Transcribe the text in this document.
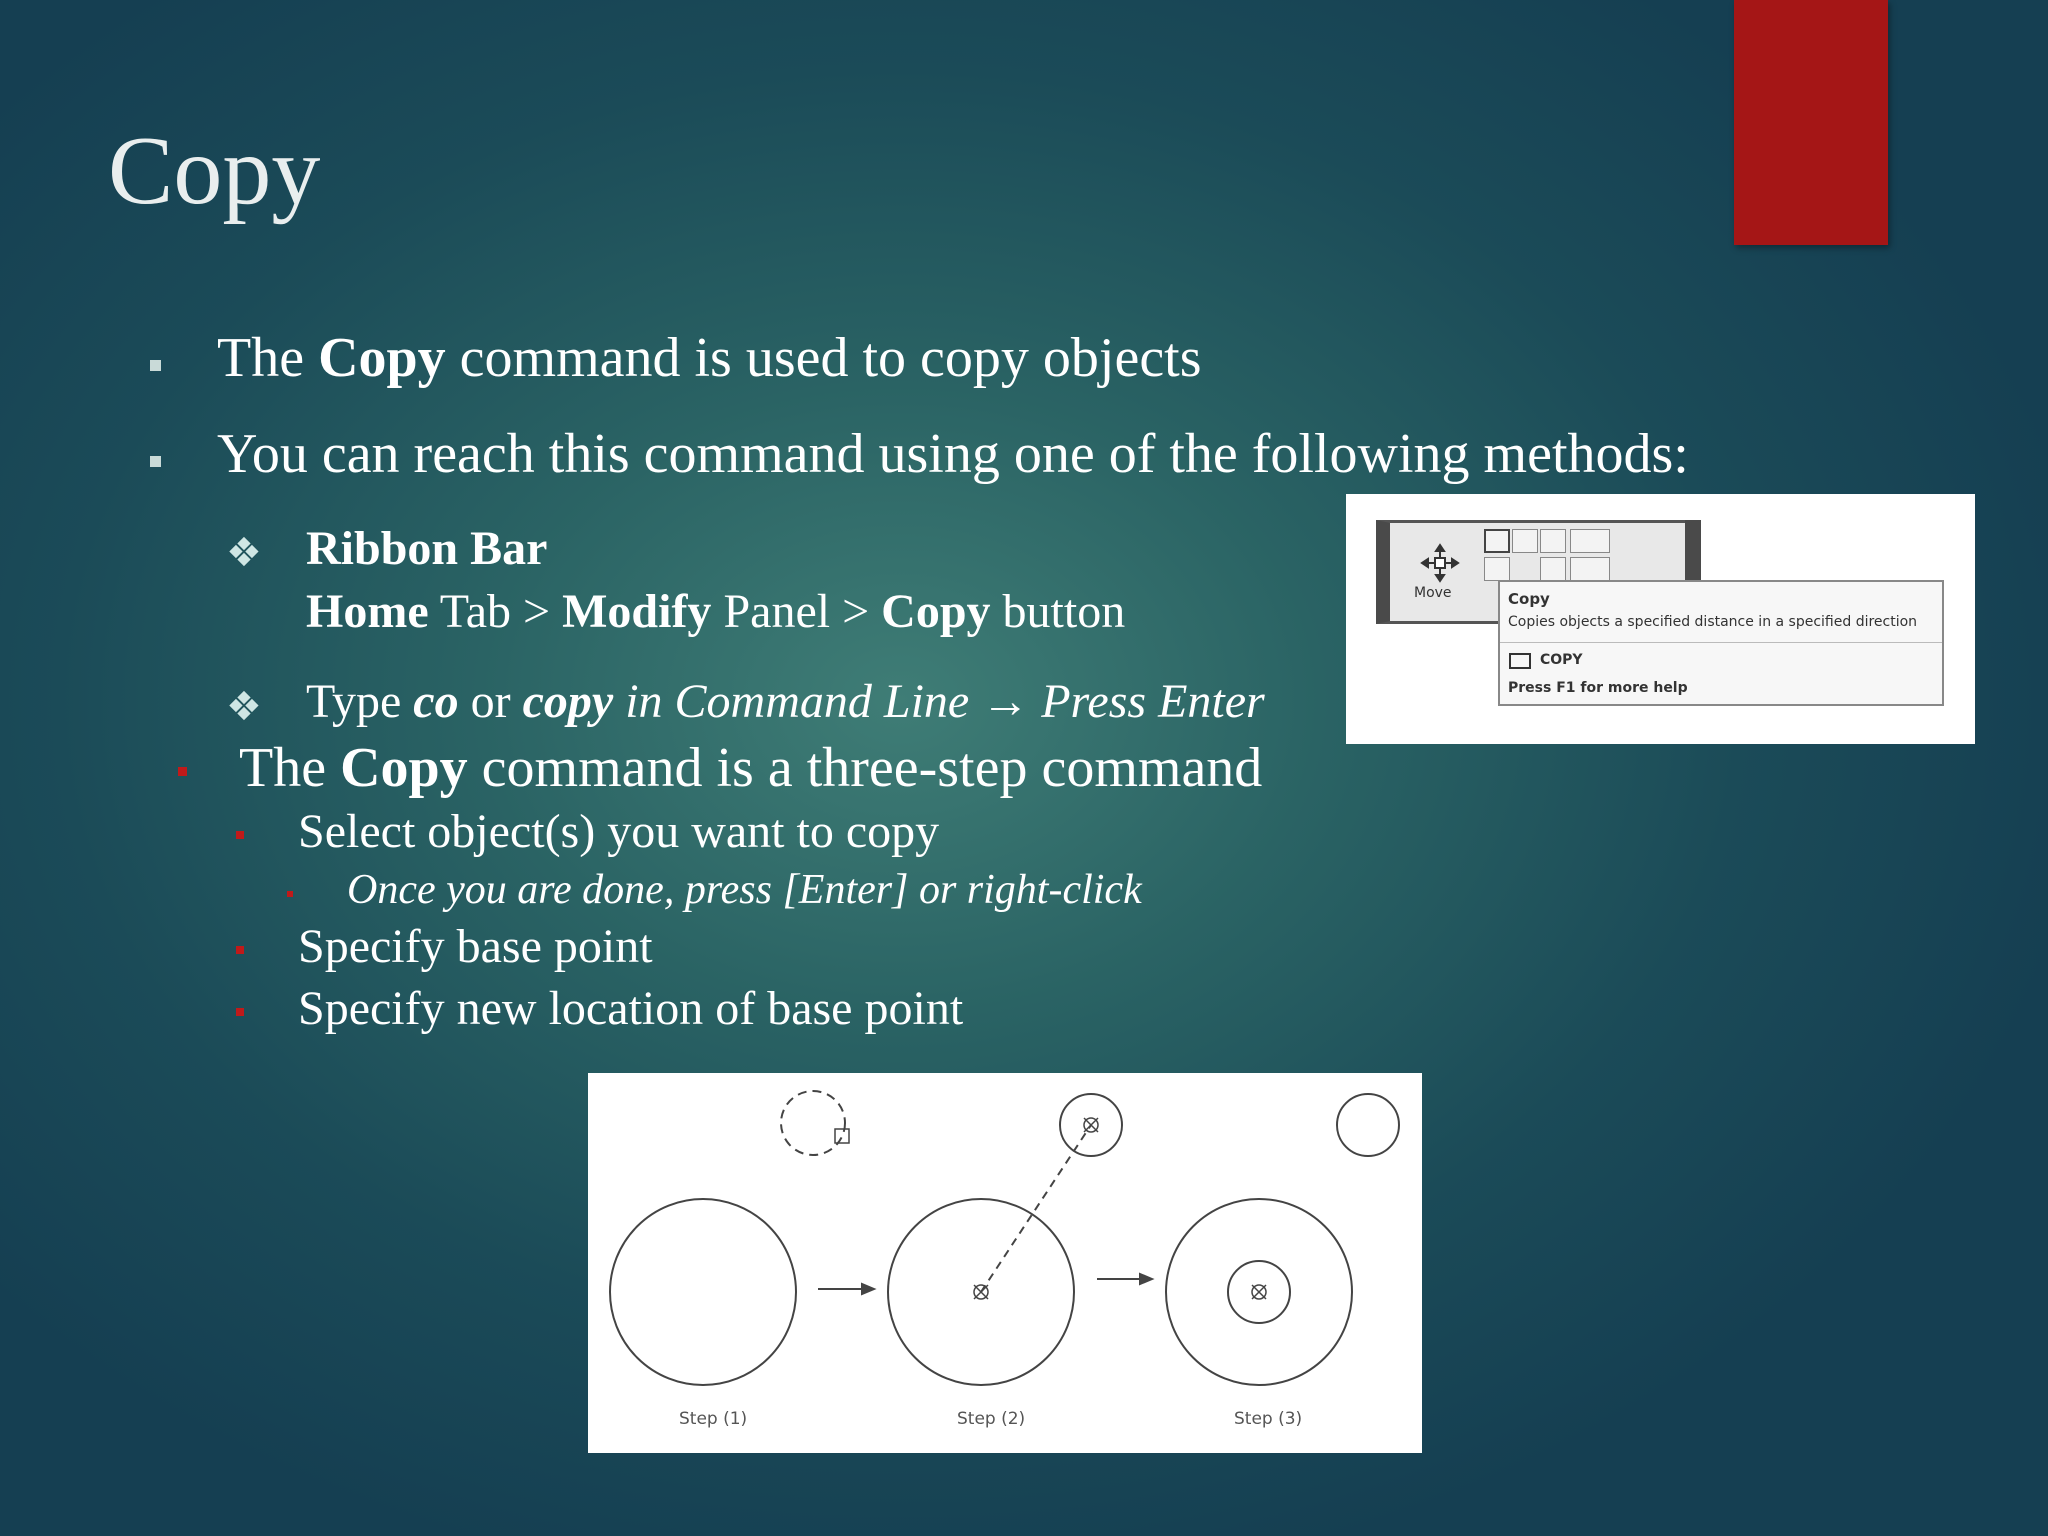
Copy
The Copy command is used to copy objects
You can reach this command using one of the following methods:
❖ Ribbon Bar
Home Tab > Modify Panel > Copy button
❖ Type co or copy in Command Line → Press Enter
The Copy command is a three-step command
Select object(s) you want to copy
Once you are done, press [Enter] or right-click
Specify base point
Specify new location of base point
Move	Copy
Copies objects a specified distance in a specified direction
COPY
Press F1 for more help
Step (1)	Step (2)	Step (3)
